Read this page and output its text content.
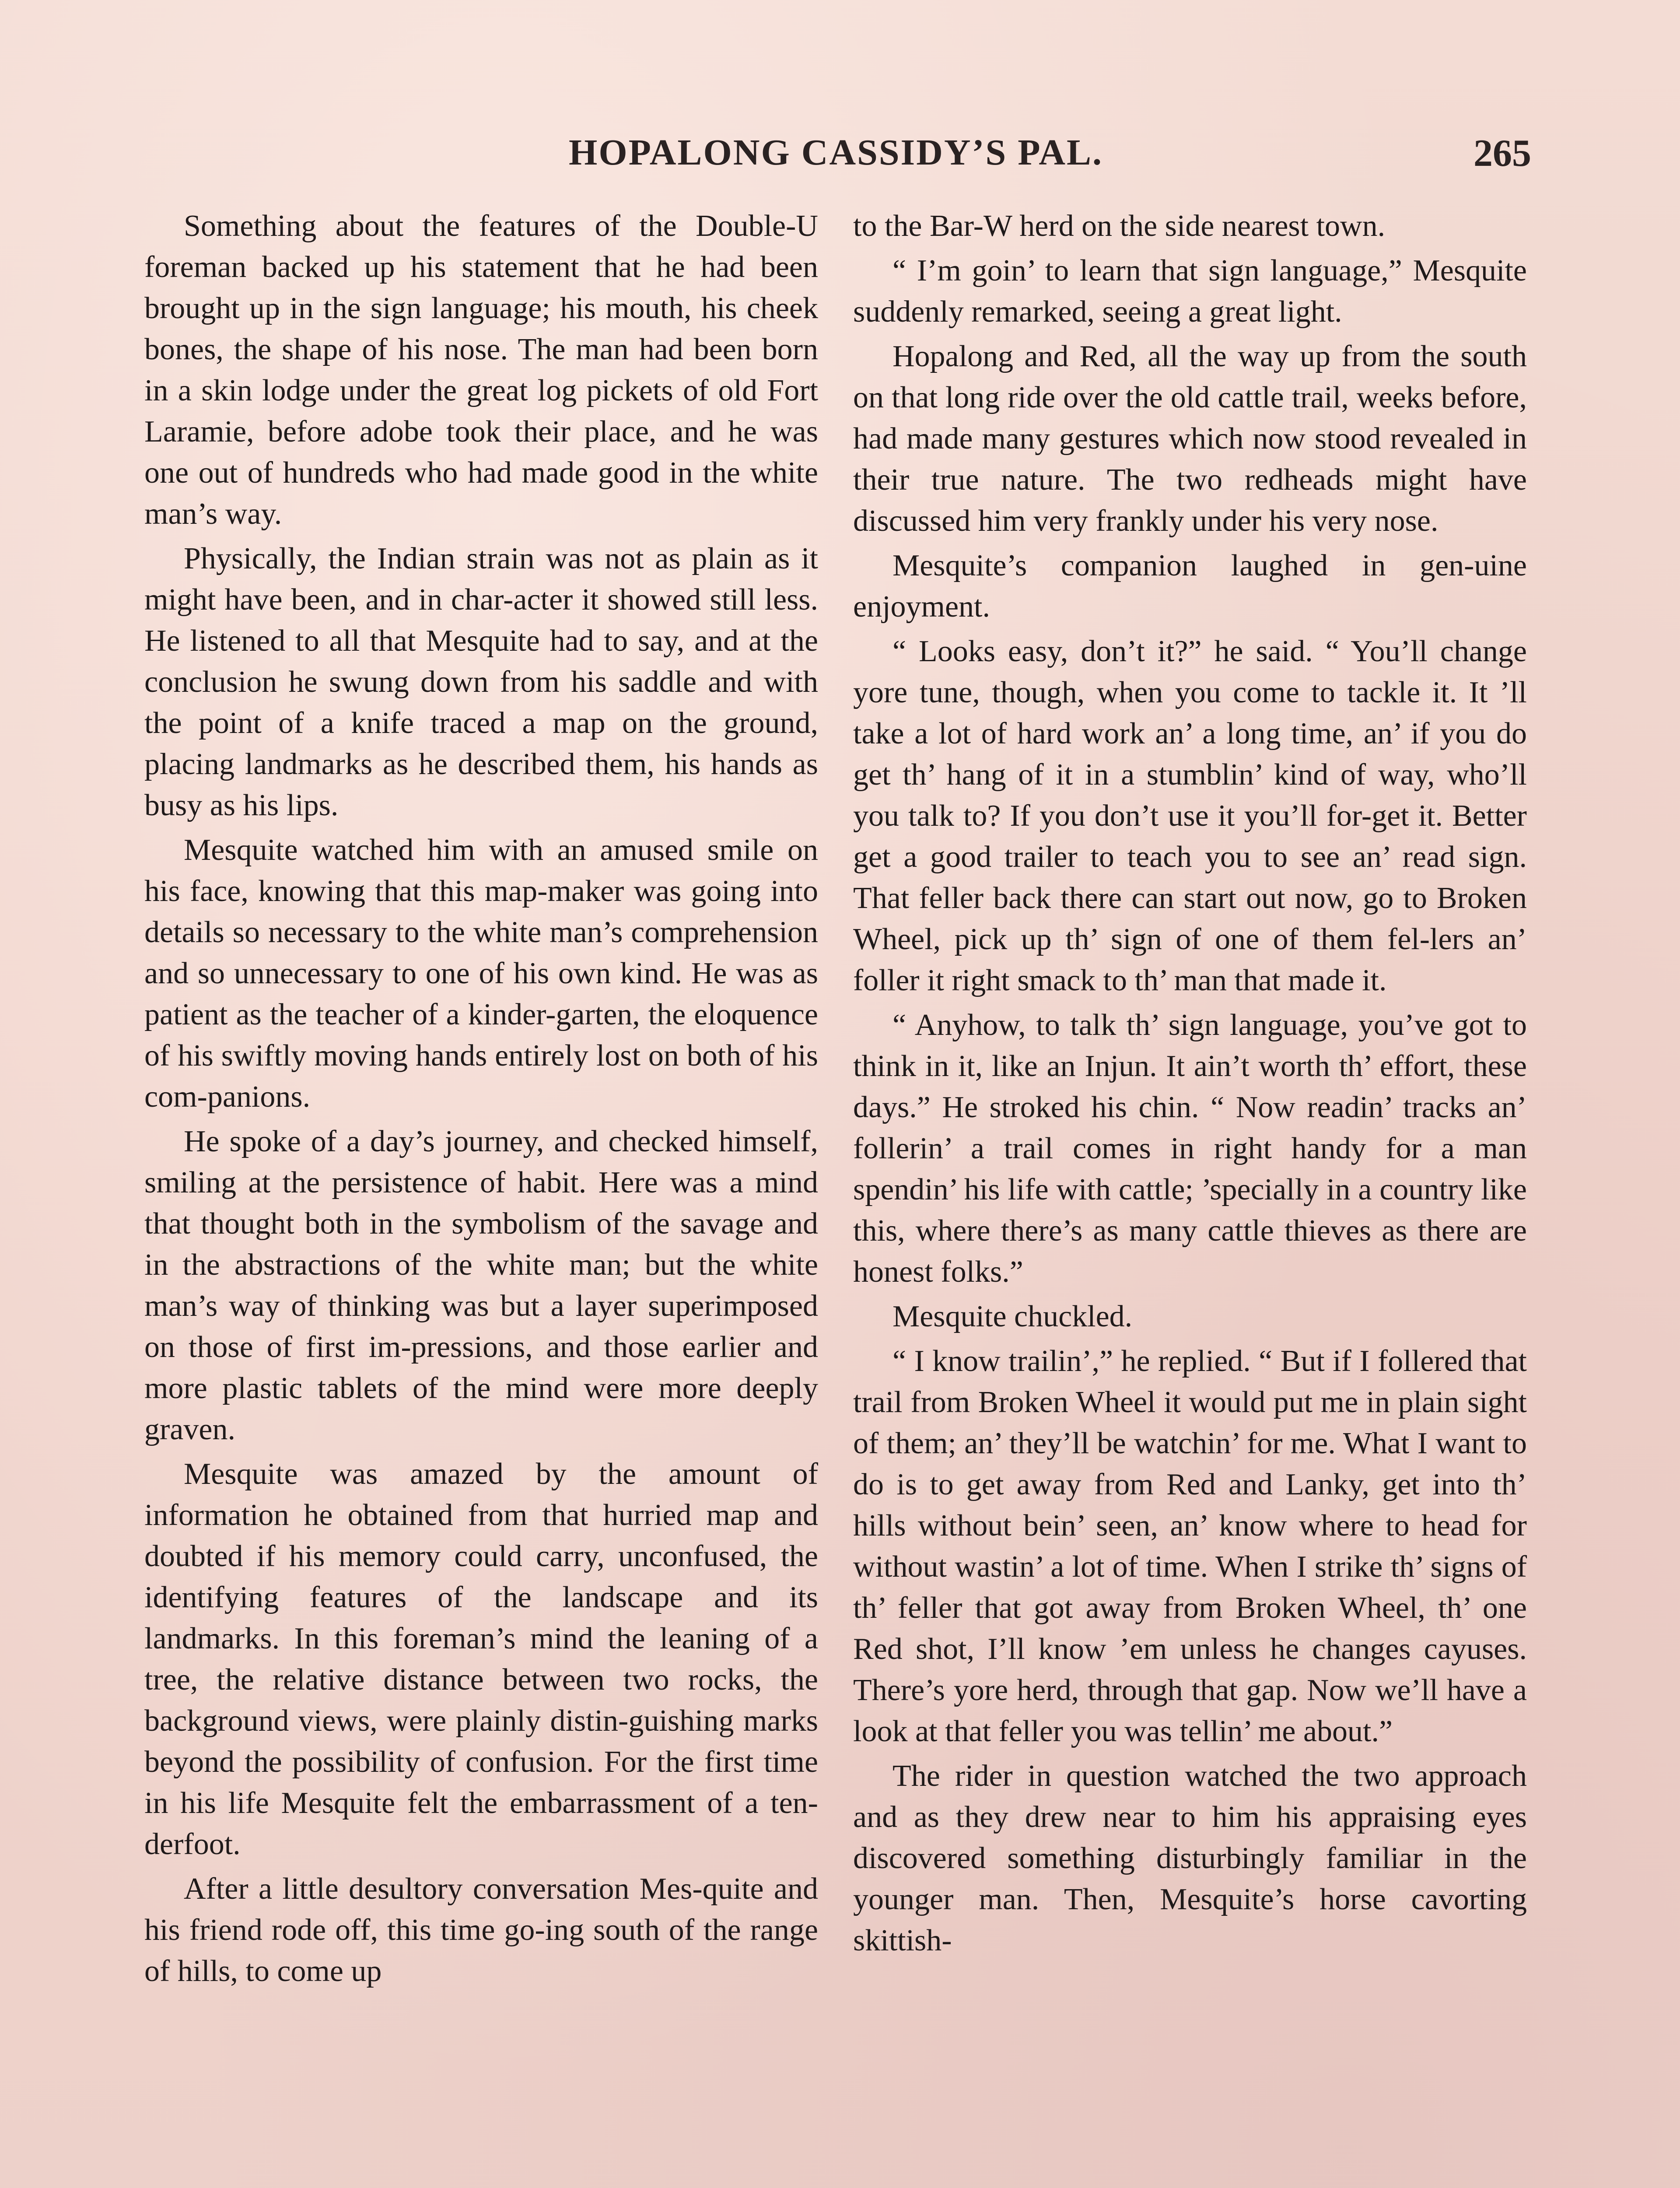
HOPALONG CASSIDY’S PAL.	265

Something about the features of the Double-U foreman backed up his statement that he had been brought up in the sign language; his mouth, his cheek bones, the shape of his nose. The man had been born in a skin lodge under the great log pickets of old Fort Laramie, before adobe took their place, and he was one out of hundreds who had made good in the white man’s way.

Physically, the Indian strain was not as plain as it might have been, and in char-acter it showed still less. He listened to all that Mesquite had to say, and at the conclusion he swung down from his saddle and with the point of a knife traced a map on the ground, placing landmarks as he described them, his hands as busy as his lips.

Mesquite watched him with an amused smile on his face, knowing that this map-maker was going into details so necessary to the white man’s comprehension and so unnecessary to one of his own kind. He was as patient as the teacher of a kinder-garten, the eloquence of his swiftly moving hands entirely lost on both of his com-panions.

He spoke of a day’s journey, and checked himself, smiling at the persistence of habit. Here was a mind that thought both in the symbolism of the savage and in the abstractions of the white man; but the white man’s way of thinking was but a layer superimposed on those of first im-pressions, and those earlier and more plastic tablets of the mind were more deeply graven.

Mesquite was amazed by the amount of information he obtained from that hurried map and doubted if his memory could carry, unconfused, the identifying features of the landscape and its landmarks. In this foreman’s mind the leaning of a tree, the relative distance between two rocks, the background views, were plainly distin-guishing marks beyond the possibility of confusion. For the first time in his life Mesquite felt the embarrassment of a ten-derfoot.

After a little desultory conversation Mes-quite and his friend rode off, this time go-ing south of the range of hills, to come up

to the Bar-W herd on the side nearest town.

“ I’m goin’ to learn that sign language,” Mesquite suddenly remarked, seeing a great light.

Hopalong and Red, all the way up from the south on that long ride over the old cattle trail, weeks before, had made many gestures which now stood revealed in their true nature. The two redheads might have discussed him very frankly under his very nose.

Mesquite’s companion laughed in gen-uine enjoyment.

“ Looks easy, don’t it?” he said. “ You’ll change yore tune, though, when you come to tackle it. It ’ll take a lot of hard work an’ a long time, an’ if you do get th’ hang of it in a stumblin’ kind of way, who’ll you talk to? If you don’t use it you’ll for-get it. Better get a good trailer to teach you to see an’ read sign. That feller back there can start out now, go to Broken Wheel, pick up th’ sign of one of them fel-lers an’ foller it right smack to th’ man that made it.

“ Anyhow, to talk th’ sign language, you’ve got to think in it, like an Injun. It ain’t worth th’ effort, these days.” He stroked his chin. “ Now readin’ tracks an’ follerin’ a trail comes in right handy for a man spendin’ his life with cattle; ’specially in a country like this, where there’s as many cattle thieves as there are honest folks.”

Mesquite chuckled.

“ I know trailin’,” he replied. “ But if I follered that trail from Broken Wheel it would put me in plain sight of them; an’ they’ll be watchin’ for me. What I want to do is to get away from Red and Lanky, get into th’ hills without bein’ seen, an’ know where to head for without wastin’ a lot of time. When I strike th’ signs of th’ feller that got away from Broken Wheel, th’ one Red shot, I’ll know ’em unless he changes cayuses. There’s yore herd, through that gap. Now we’ll have a look at that feller you was tellin’ me about.”

The rider in question watched the two approach and as they drew near to him his appraising eyes discovered something disturbingly familiar in the younger man. Then, Mesquite’s horse cavorting skittish-
